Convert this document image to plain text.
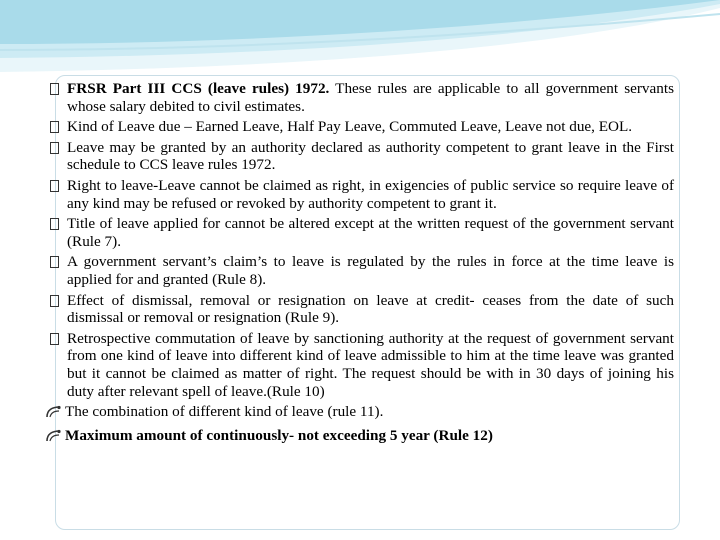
FRSR Part III CCS (leave rules) 1972. These rules are applicable to all government servants whose salary debited to civil estimates.
Kind of Leave due – Earned Leave, Half Pay Leave, Commuted Leave, Leave not due, EOL.
Leave may be granted by an authority declared as authority competent to grant leave in the First schedule to CCS leave rules 1972.
Right to leave-Leave cannot be claimed as right, in exigencies of public service so require leave of any kind may be refused or revoked by authority competent to grant it.
Title of leave applied for cannot be altered except at the written request of the government servant (Rule 7).
A government servant’s claim’s to leave is regulated by the rules in force at the time leave is applied for and granted (Rule 8).
Effect of dismissal, removal or resignation on leave at credit- ceases from the date of such dismissal or removal or resignation (Rule 9).
Retrospective commutation of leave by sanctioning authority at the request of government servant from one kind of leave into different kind of leave admissible to him at the time leave was granted but it cannot be claimed as matter of right. The request should be with in 30 days of joining his duty after relevant spell of leave.(Rule 10)
The combination of different kind of leave (rule 11).
Maximum amount of continuously- not exceeding 5 year (Rule 12)
